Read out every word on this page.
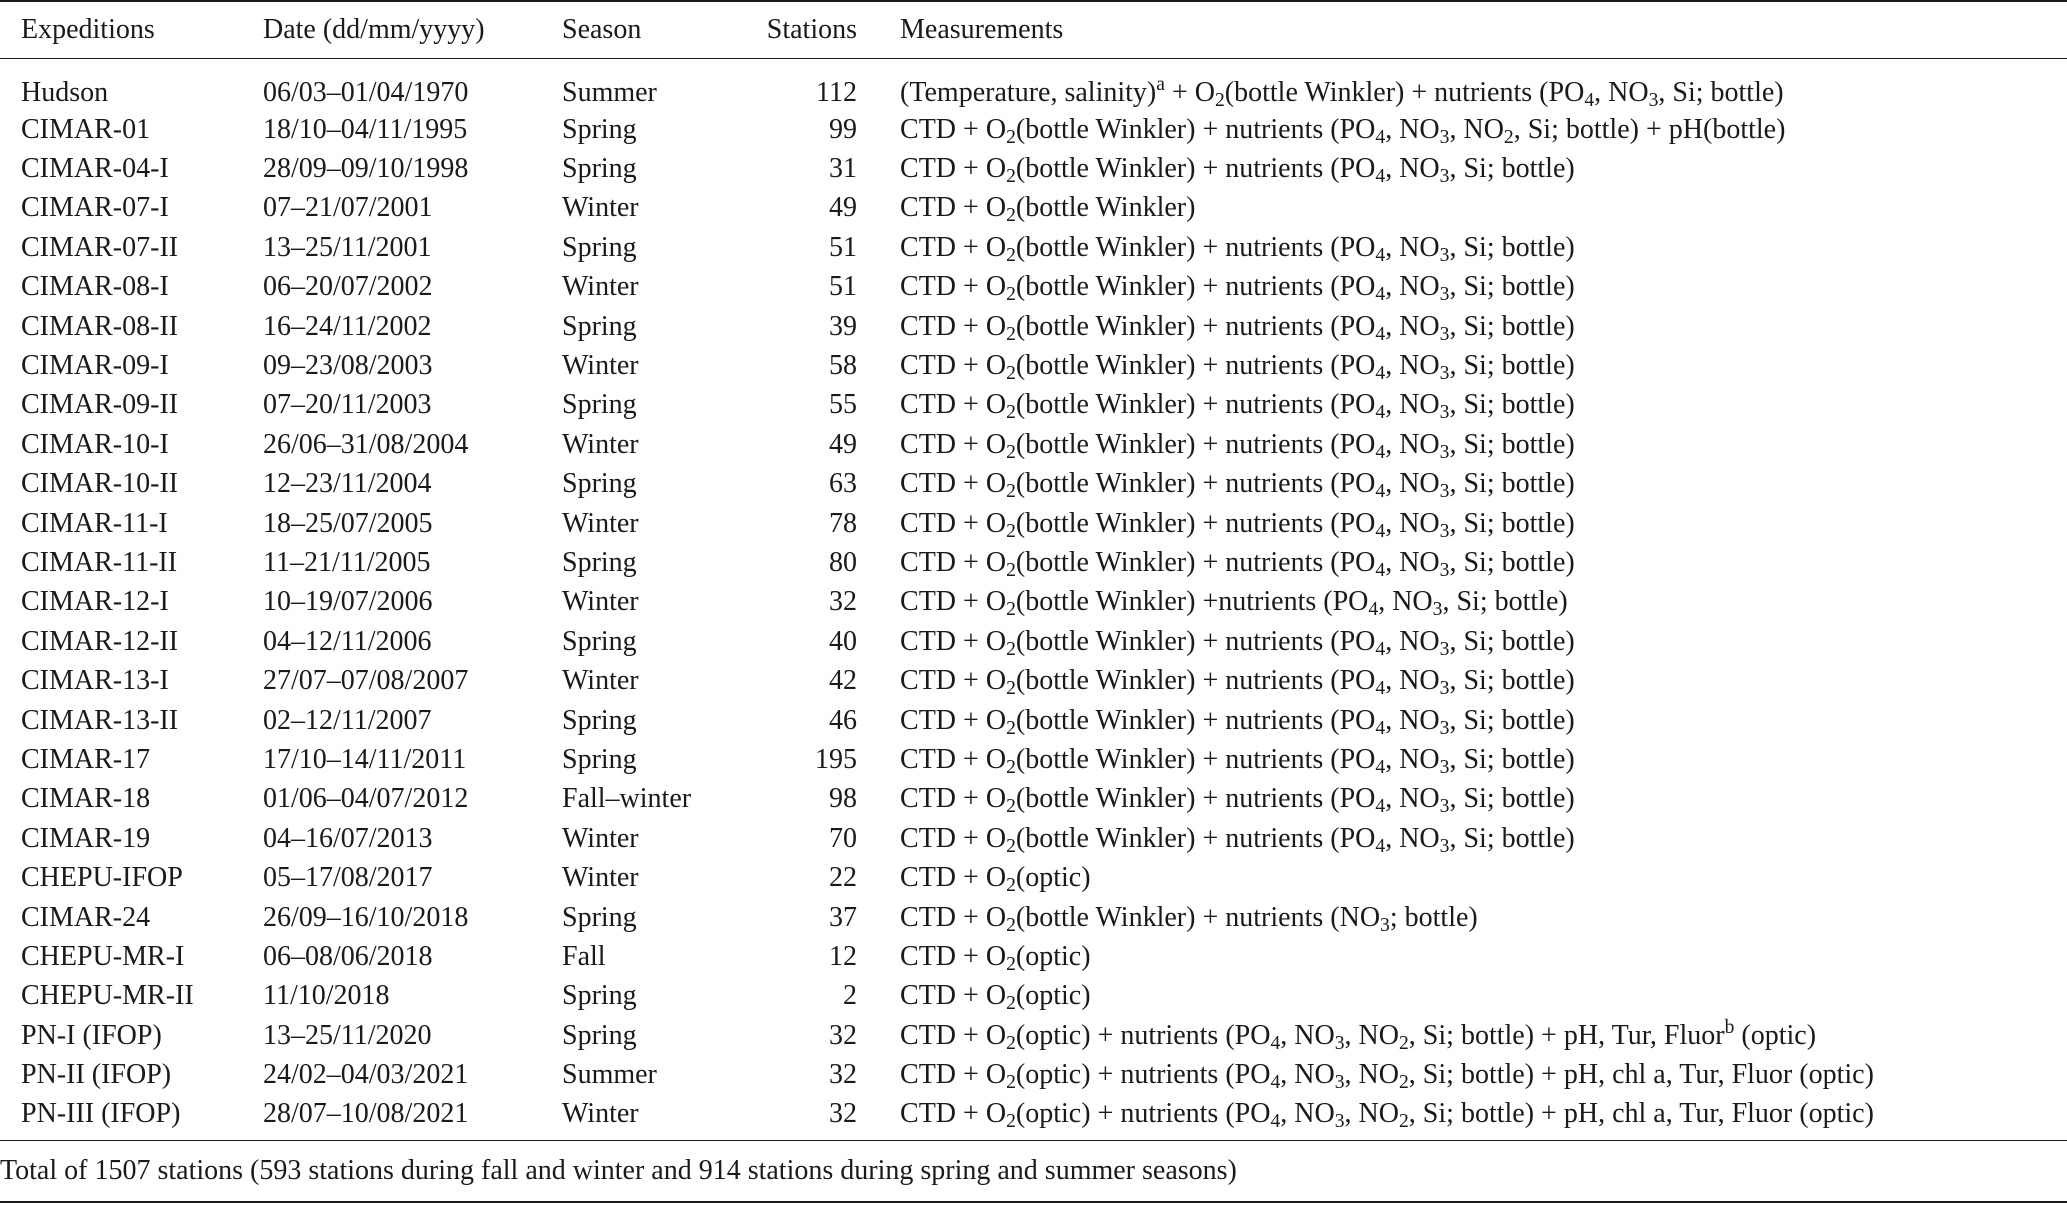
Expeditions	Date (dd/mm/yyyy)	Season	Stations		Measurements
Hudson	06/03–01/04/1970	Summer	112		(Temperature, salinity)$^a$ + $O_2(bottle$ Winkler) + nutrients ($PO_4$, $NO_3$, Si; bottle)
CIMAR-01	18/10–04/11/1995	Spring	99		CTD + $O_2(bottle$ Winkler) + nutrients ($PO_4$, $NO_3$, $NO_2$, Si; bottle) + pH(bottle)
CIMAR-04-I	28/09–09/10/1998	Spring	31		CTD + $O_2(bottle$ Winkler) + nutrients ($PO_4$, $NO_3$, Si; bottle)
CIMAR-07-I	07–21/07/2001	Winter	49		CTD + $O_2(bottle$ Winkler)
CIMAR-07-II	13–25/11/2001	Spring	51		CTD + $O_2(bottle$ Winkler) + nutrients ($PO_4$, $NO_3$, Si; bottle)
CIMAR-08-I	06–20/07/2002	Winter	51		CTD + $O_2(bottle$ Winkler) + nutrients ($PO_4$, $NO_3$, Si; bottle)
CIMAR-08-II	16–24/11/2002	Spring	39		CTD + $O_2(bottle$ Winkler) + nutrients ($PO_4$, $NO_3$, Si; bottle)
CIMAR-09-I	09–23/08/2003	Winter	58		CTD + $O_2(bottle$ Winkler) + nutrients ($PO_4$, $NO_3$, Si; bottle)
CIMAR-09-II	07–20/11/2003	Spring	55		CTD + $O_2(bottle$ Winkler) + nutrients ($PO_4$, $NO_3$, Si; bottle)
CIMAR-10-I	26/06–31/08/2004	Winter	49		CTD + $O_2(bottle$ Winkler) + nutrients ($PO_4$, $NO_3$, Si; bottle)
CIMAR-10-II	12–23/11/2004	Spring	63		CTD + $O_2(bottle$ Winkler) + nutrients ($PO_4$, $NO_3$, Si; bottle)
CIMAR-11-I	18–25/07/2005	Winter	78		CTD + $O_2(bottle$ Winkler) + nutrients ($PO_4$, $NO_3$, Si; bottle)
CIMAR-11-II	11–21/11/2005	Spring	80		CTD + $O_2(bottle$ Winkler) + nutrients ($PO_4$, $NO_3$, Si; bottle)
CIMAR-12-I	10–19/07/2006	Winter	32		CTD + $O_2(bottle$ Winkler) +nutrients ($PO_4$, $NO_3$, Si; bottle)
CIMAR-12-II	04–12/11/2006	Spring	40		CTD + $O_2(bottle$ Winkler) + nutrients ($PO_4$, $NO_3$, Si; bottle)
CIMAR-13-I	27/07–07/08/2007	Winter	42		CTD + $O_2(bottle$ Winkler) + nutrients ($PO_4$, $NO_3$, Si; bottle)
CIMAR-13-II	02–12/11/2007	Spring	46		CTD + $O_2(bottle$ Winkler) + nutrients ($PO_4$, $NO_3$, Si; bottle)
CIMAR-17	17/10–14/11/2011	Spring	195		CTD + $O_2(bottle$ Winkler) + nutrients ($PO_4$, $NO_3$, Si; bottle)
CIMAR-18	01/06–04/07/2012	Fall–winter	98		CTD + $O_2(bottle$ Winkler) + nutrients ($PO_4$, $NO_3$, Si; bottle)
CIMAR-19	04–16/07/2013	Winter	70		CTD + $O_2(bottle$ Winkler) + nutrients ($PO_4$, $NO_3$, Si; bottle)
CHEPU-IFOP	05–17/08/2017	Winter	22		CTD + $O_2(optic)$
CIMAR-24	26/09–16/10/2018	Spring	37		CTD + $O_2(bottle$ Winkler) + nutrients ($NO_3$; bottle)
CHEPU-MR-I	06–08/06/2018	Fall	12		CTD + $O_2(optic)$
CHEPU-MR-II	11/10/2018	Spring	2		CTD + $O_2(optic)$
PN-I (IFOP)	13–25/11/2020	Spring	32		CTD + $O_2(optic)$ + nutrients ($PO_4$, $NO_3$, $NO_2$, Si; bottle) + pH, Tur, Fluor$^b$ (optic)
PN-II (IFOP)	24/02–04/03/2021	Summer	32		CTD + $O_2(optic)$ + nutrients ($PO_4$, $NO_3$, $NO_2$, Si; bottle) + pH, chl a, Tur, Fluor (optic)
PN-III (IFOP)	28/07–10/08/2021	Winter	32		CTD + $O_2(optic)$ + nutrients ($PO_4$, $NO_3$, $NO_2$, Si; bottle) + pH, chl a, Tur, Fluor (optic)
Total of 1507 stations (593 stations during fall and winter and 914 stations during spring and summer seasons)					
